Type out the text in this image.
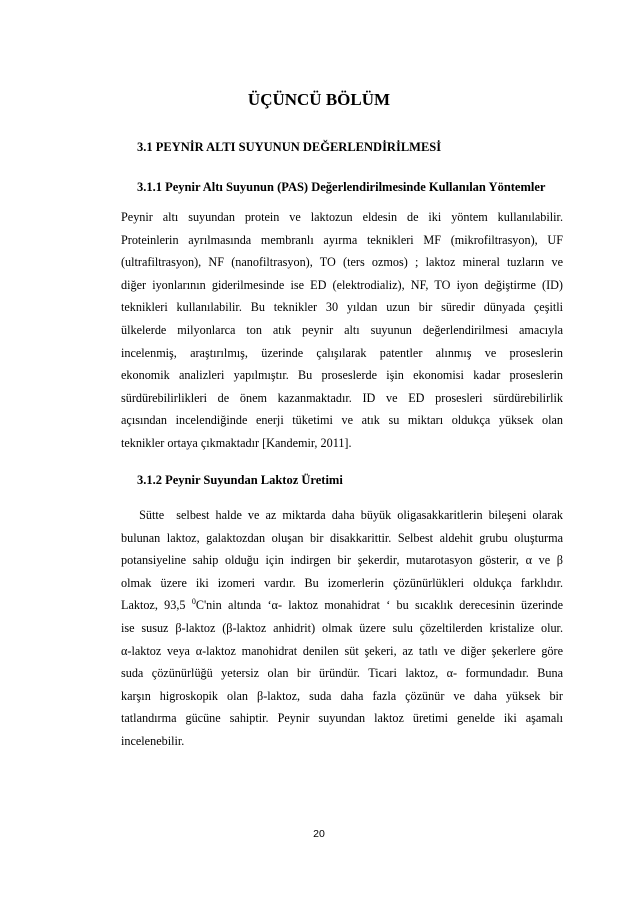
ÜÇÜNCÜ BÖLÜM
3.1 PEYNİR ALTI SUYUNUN DEĞERLENDİRİLMESİ
3.1.1 Peynir Altı Suyunun (PAS) Değerlendirilmesinde Kullanılan Yöntemler

Peynir altı suyundan protein ve laktozun eldesin de iki yöntem kullanılabilir.
Proteinlerin ayrılmasında membranlı ayırma teknikleri MF (mikrofiltrasyon), UF
(ultrafiltrasyon), NF (nanofiltrasyon), TO (ters ozmos) ; laktoz mineral tuzların ve
diğer iyonlarının giderilmesinde ise ED (elektrodializ), NF, TO iyon değiştirme (ID)
teknikleri kullanılabilir. Bu teknikler 30 yıldan uzun bir süredir dünyada çeşitli
ülkelerde milyonlarca ton atık peynir altı suyunun değerlendirilmesi amacıyla
incelenmiş, araştırılmış, üzerinde çalışılarak patentler alınmış ve proseslerin
ekonomik analizleri yapılmıştır. Bu proseslerde işin ekonomisi kadar proseslerin
sürdürebilirlikleri de önem kazanmaktadır. ID ve ED prosesleri sürdürebilirlik
açısından incelendiğinde enerji tüketimi ve atık su miktarı oldukça yüksek olan
teknikler ortaya çıkmaktadır [Kandemir, 2011].

3.1.2 Peynir Suyundan Laktoz Üretimi

Sütte  selbest halde ve az miktarda daha büyük oligasakkaritlerin bileşeni olarak
bulunan laktoz, galaktozdan oluşan bir disakkarittir. Selbest aldehit grubu oluşturma
potansiyeline sahip olduğu için indirgen bir şekerdir, mutarotasyon gösterir, α ve β
olmak üzere iki izomeri vardır. Bu izomerlerin çözünürlükleri oldukça farklıdır.
Laktoz, 93,5 $^0$C'nin altında ‘α- laktoz monahidrat ‘ bu sıcaklık derecesinin üzerinde
ise susuz β-laktoz (β-laktoz anhidrit) olmak üzere sulu çözeltilerden kristalize olur.
α-laktoz veya α-laktoz manohidrat denilen süt şekeri, az tatlı ve diğer şekerlere göre
suda çözünürlüğü yetersiz olan bir üründür. Ticari laktoz, α- formundadır. Buna
karşın higroskopik olan β-laktoz, suda daha fazla çözünür ve daha yüksek bir
tatlandırma gücüne sahiptir. Peynir suyundan laktoz üretimi genelde iki aşamalı
incelenebilir.

20
